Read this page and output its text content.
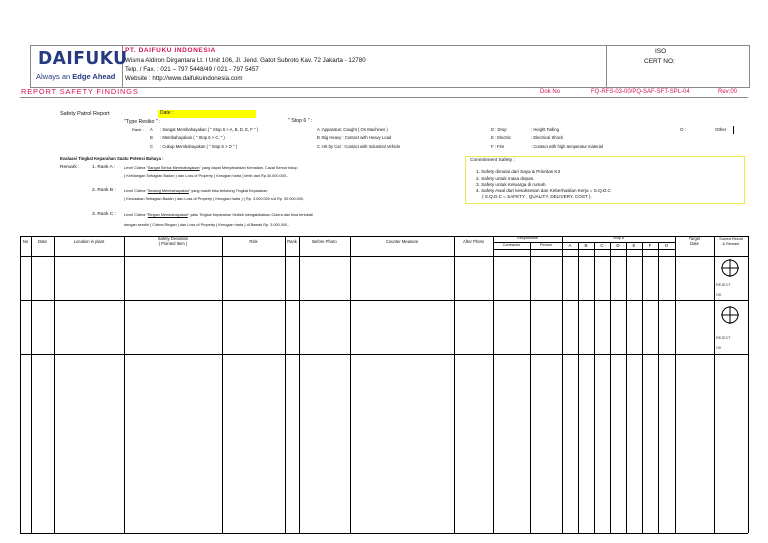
DAIFUKU
Always an Edge Ahead
PT. DAIFUKU INDONESIA
Wisma Aldiron Dirgantara Lt. I Unit 106, Jl. Jend. Gatot Subroto Kav. 72 Jakarta - 12780
Telp. / Fax. : 021 – 797 5448/49 / 021 - 797 5457
Website : http://www.daifukuindonesia.com
ISO
CERT NO:
REPORT SAFETY FINDINGS	Dok No	FQ-RFS-03-00/PQ-SAF-SFT-SPL-04	Rev:00
Safety Patrol Report	Date :
"Type Resiko " :
Rank : A : Sangat Membahayakan ( " Stop 6 > A, B, D, E, F " )
B : Membahayakan ( " Stop 6 > C, " )
C : Cukup Membahayakan ( " Stop 6 > O " )
" Stop 6 " :
A :Apparatus: Caught ( On Machines )
B :Big Heavy : Contact with Heavy Load
C :Hit by Car : Contact with Industrial Vehicle
D : Drop
E : Electric
F : Fire
: Height Falling
: Electrical Shock
: Contact with high temperatur material
O :	Other
Evaluasi Tingkat Keparahan Suatu Potensi Bahaya :
Remark :	1. Rank A : Level Cidera "Sangat Serius Membahayakan" yang dapat Menyebabkan Kematian, Cacat Semur hidup
( Kehilangan Sebagian Badan ) dan Loss of Property ( Kerugian harta ) lebih dari Rp.30.000.000,-
2. Rank B : Level Cidera "Sedang Membahayakan" yang masih bisa tertolong Tingkat Keparahan
( Kerusakan Sebagian Badan ) dan Loss of Property ( Kerugian harta ) ( Rp. 3.000.000 s/d Rp. 30.000.000,
3. Rank C : Level Cidera "Ringan Membahayakan" yaitu Tingkat Keparahan Sedikit mengakibatkan Cidera dan bisa tertobati
dengan sendiri ( Cidera Ringan ) dan Loss of Property ( Kerugian harta ) di Bawah Rp. 3.000.000,-
Commitment Safety :
1. Safety dimulai dari Saya & Prioritas K3
2. Safety untuk masa depan.
3. Safety untuk Keluarga di rumah.
4. Safety Awal dari kesuksesan dan Keberhasilan Kerja = S.Q.D.C
( S.Q.D.C = SAFETY , QUALITY, DELIVERY, COST ).
No	Date	Location in plant
Safety Deviation
( Pointed Item )	Risk	Rank	Before Photo	Counter Measure	After Photo
Responsible
Contractor	Person
Stop 6
A	B	C	D	E	F	O
Target
Date
Solved Result
& Remark
REJECT
OK
REJECT
OK
